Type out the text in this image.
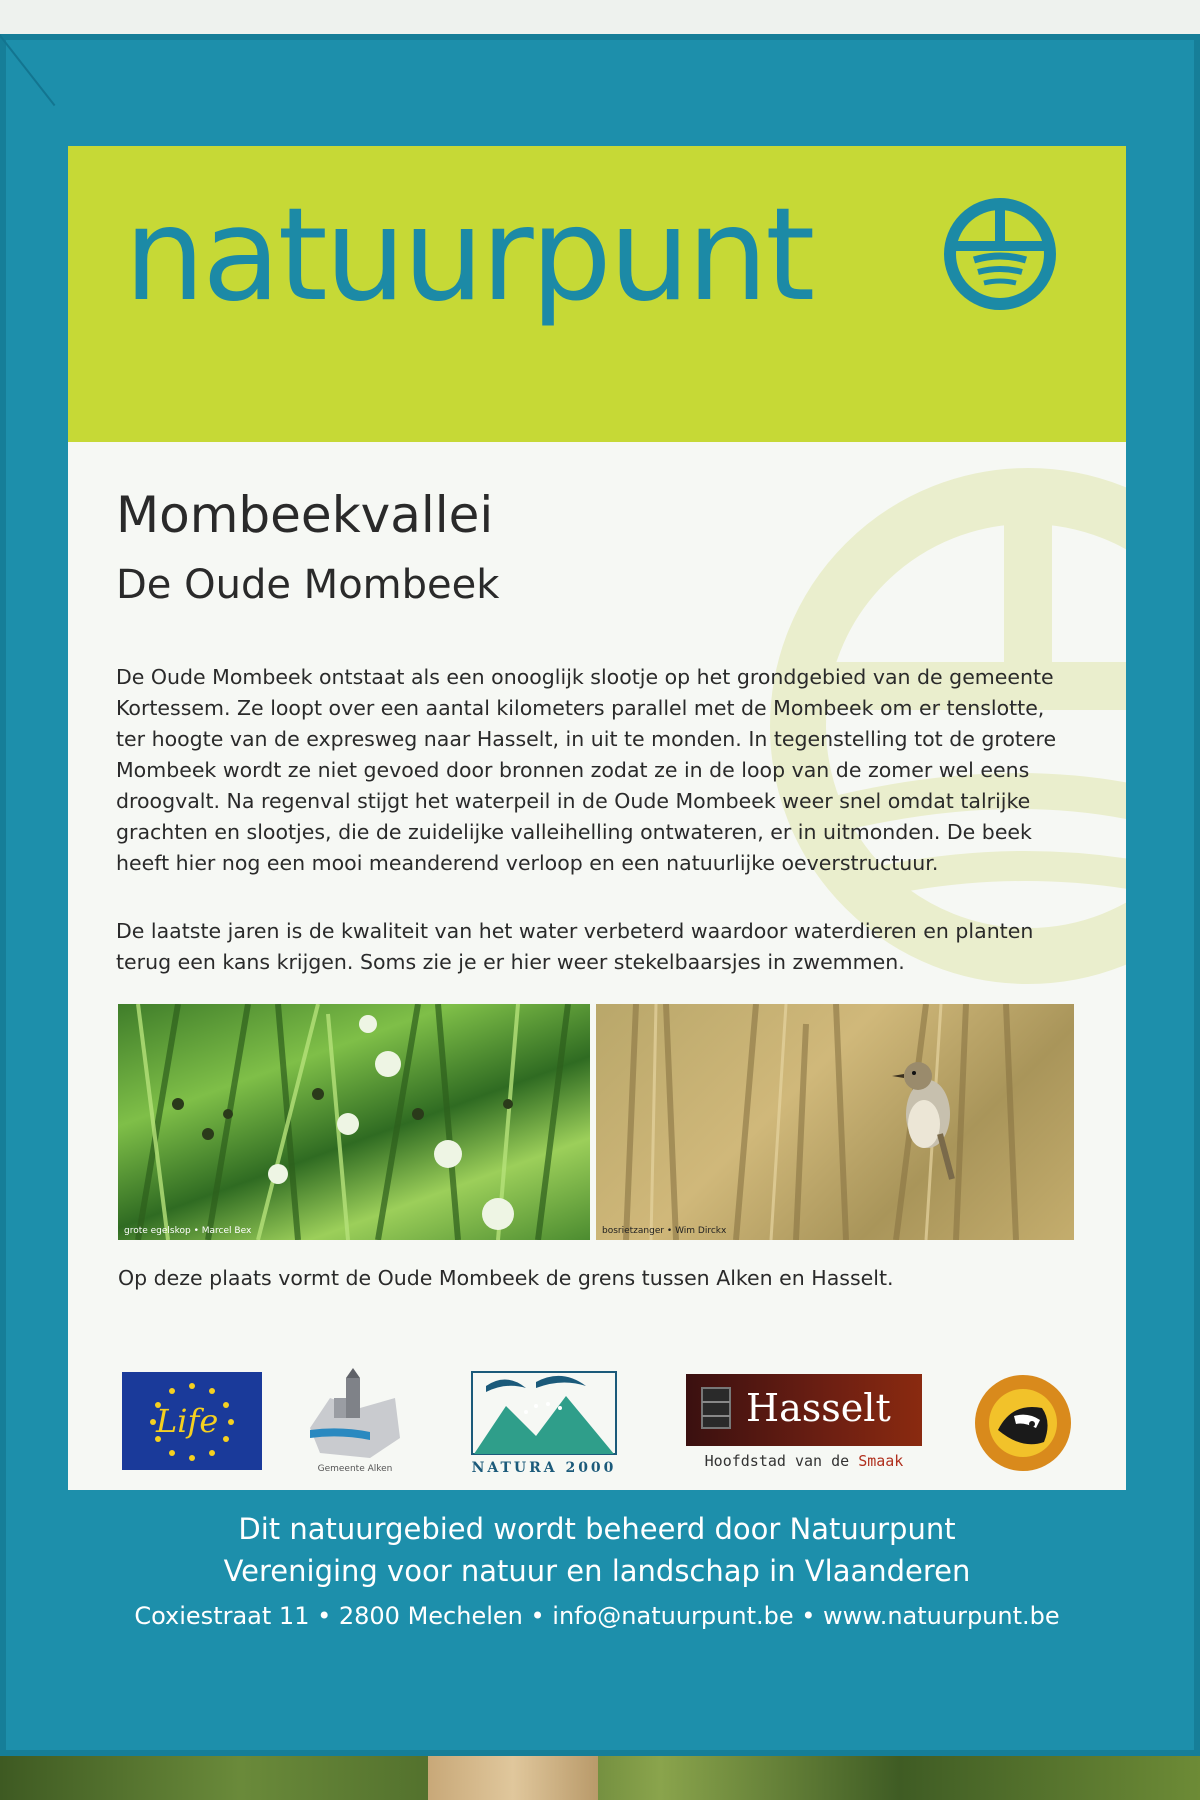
natuurpunt
Mombeekvallei
De Oude Mombeek

De Oude Mombeek ontstaat als een onooglijk slootje op het grondgebied van de gemeente Kortessem. Ze loopt over een aantal kilometers parallel met de Mombeek om er tenslotte, ter hoogte van de expresweg naar Hasselt, in uit te monden. In tegenstelling tot de grotere Mombeek wordt ze niet gevoed door bronnen zodat ze in de loop van de zomer wel eens droogvalt. Na regenval stijgt het waterpeil in de Oude Mombeek weer snel omdat talrijke grachten en slootjes, die de zuidelijke valleihelling ontwateren, er in uitmonden. De beek heeft hier nog een mooi meanderend verloop en een natuurlijke oeverstructuur.

De laatste jaren is de kwaliteit van het water verbeterd waardoor waterdieren en planten terug een kans krijgen. Soms zie je er hier weer stekelbaarsjes in zwemmen.

grote egelskop • Marcel Bex	bosrietzanger • Wim Dirckx

Op deze plaats vormt de Oude Mombeek de grens tussen Alken en Hasselt.

Life
Gemeente Alken	NATURA 2000
Hasselt
Hoofdstad van de Smaak

Dit natuurgebied wordt beheerd door Natuurpunt

Vereniging voor natuur en landschap in Vlaanderen

Coxiestraat 11 • 2800 Mechelen • info@natuurpunt.be • www.natuurpunt.be
